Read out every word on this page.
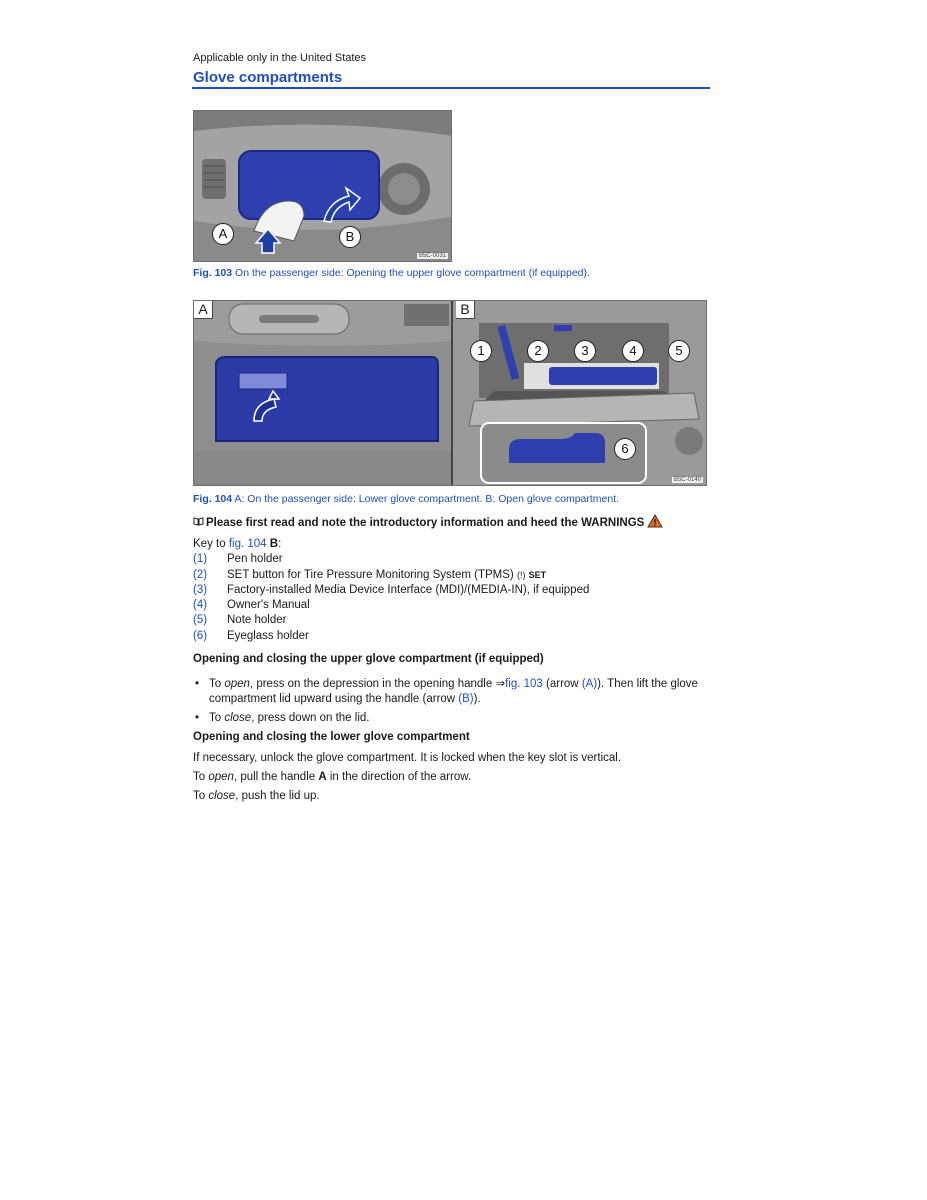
Applicable only in the United States
Glove compartments
A	B
B5C-0031
Fig. 103 On the passenger side: Opening the upper glove compartment (if equipped).
A	B
1	2	3	4	5
6
B5C-0140
Fig. 104 A: On the passenger side: Lower glove compartment. B: Open glove compartment.
Please first read and note the introductory information and heed the WARNINGS
Key to fig. 104 B:
(1) Pen holder
(2) SET button for Tire Pressure Monitoring System (TPMS) (!) SET
(3) Factory-installed Media Device Interface (MDI)/(MEDIA-IN), if equipped
(4) Owner's Manual
(5) Note holder
(6) Eyeglass holder
Opening and closing the upper glove compartment (if equipped)
• To open, press on the depression in the opening handle ⇒fig. 103 (arrow (A)). Then lift the glove compartment lid upward using the handle (arrow (B)).
• To close, press down on the lid.
Opening and closing the lower glove compartment
If necessary, unlock the glove compartment. It is locked when the key slot is vertical.
To open, pull the handle A in the direction of the arrow.
To close, push the lid up.
